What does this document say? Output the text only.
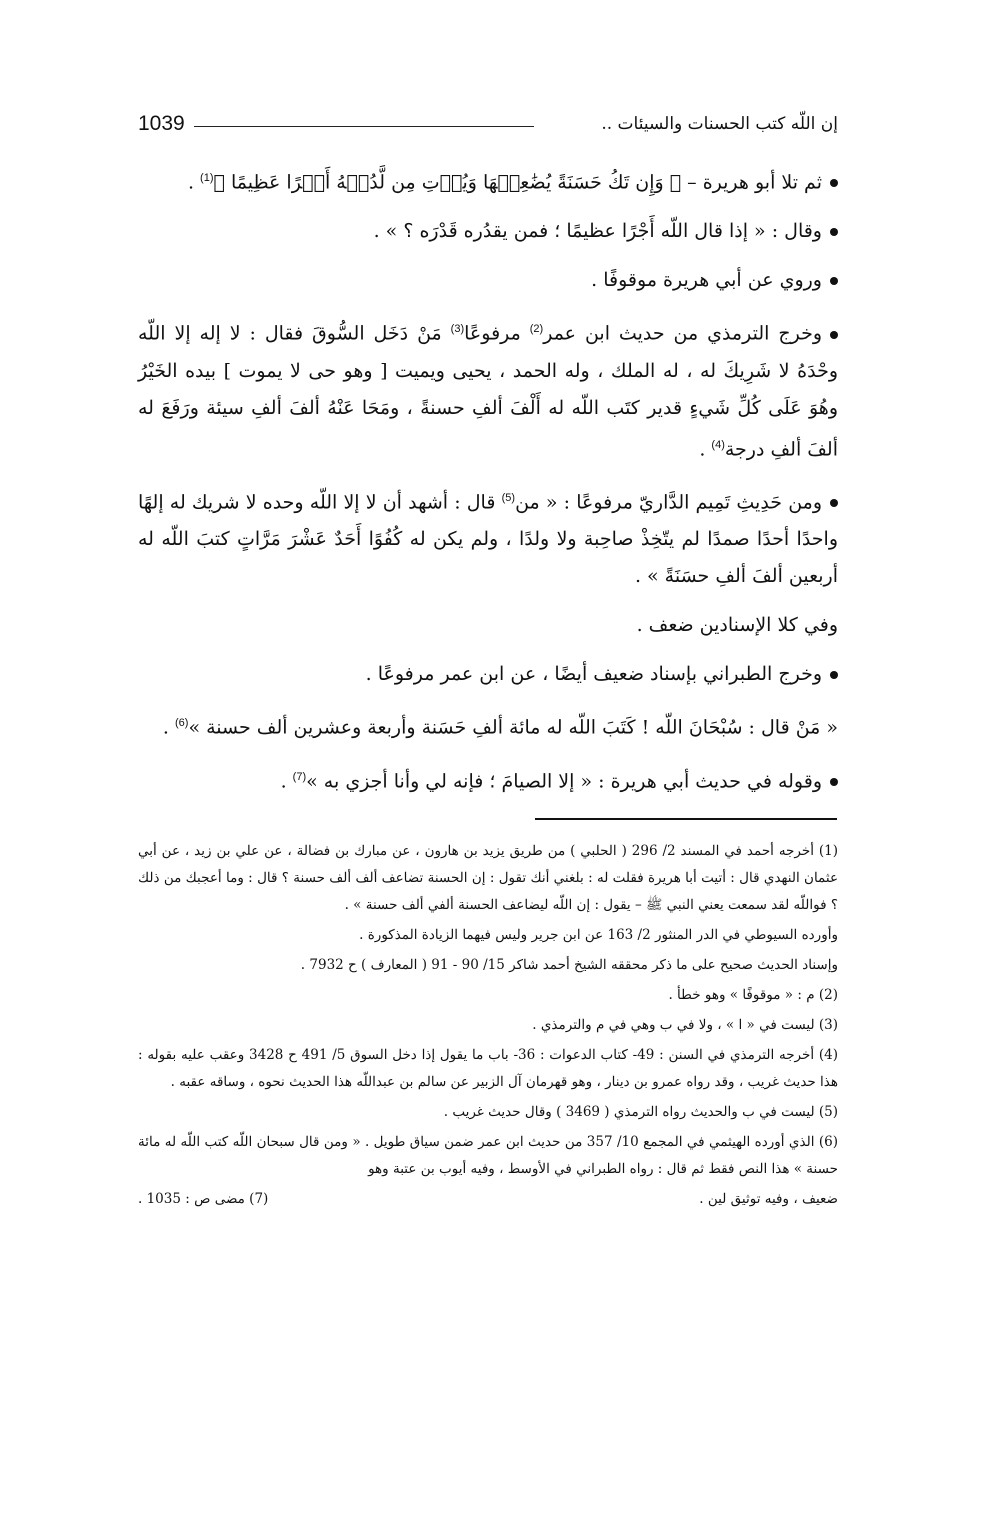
1039	إن اللّه كتب الحسنات والسيئات ..

ثم تلا أبو هريرة – ﴿ وَإِن تَكُ حَسَنَةً يُضَٰعِفۡهَا وَيُؤۡتِ مِن لَّدُنۡهُ أَجۡرًا عَظِيمًا ﴾$^{(1)}$ .

وقال : « إذا قال اللّه أَجْرًا عظيمًا ؛ فمن يقدُره قَدْرَه ؟ » .

وروي عن أبي هريرة موقوفًا .

وخرج الترمذي من حديث ابن عمر$^{(2)}$ مرفوعًا$^{(3)}$ مَنْ دَخَل السُّوقَ فقال : لا إله إلا اللّه وحْدَهُ لا شَرِيكَ له ، له الملك ، وله الحمد ، يحيى ويميت [ وهو حى لا يموت ] بيده الخَيْرُ وهُوَ عَلَى كُلِّ شَيءٍ قدير كتَب اللّه له أَلْفَ ألفِ حسنةً ، ومَحَا عَنْهُ ألفَ ألفِ سيئة ورَفَعَ له ألفَ ألفِ درجة$^{(4)}$ .

ومن حَدِيثِ تَمِيم الدَّاريّ مرفوعًا : « من$^{(5)}$ قال : أشهد أن لا إلا اللّه وحده لا شريك له إلهًا واحدًا أحدًا صمدًا لم يتّخِذْ صاحِبة ولا ولدًا ، ولم يكن له كُفُوًا أَحَدٌ عَشْرَ مَرَّاتٍ كتبَ اللّه له أربعين ألفَ ألفِ حسَنَةً » .

وفي كلا الإسنادين ضعف .

وخرج الطبراني بإسناد ضعيف أيضًا ، عن ابن عمر مرفوعًا .

« مَنْ قال : سُبْحَانَ اللّه ! كَتَبَ اللّه له مائة ألفِ حَسَنة وأربعة وعشرين ألف حسنة »$^{(6)}$ .

وقوله في حديث أبي هريرة : « إلا الصيامَ ؛ فإنه لي وأنا أجزي به »$^{(7)}$ .

(1) أخرجه أحمد في المسند 2/ 296 ( الحلبي ) من طريق يزيد بن هارون ، عن مبارك بن فضالة ، عن علي بن زيد ، عن أبي عثمان النهدي قال : أتيت أبا هريرة فقلت له : بلغني أنك تقول : إن الحسنة تضاعف ألف ألف حسنة ؟ قال : وما أعجبك من ذلك ؟ فواللّه لقد سمعت يعني النبي ﷺ – يقول : إن اللّه ليضاعف الحسنة ألفي ألف حسنة » .

وأورده السيوطي في الدر المنثور 2/ 163 عن ابن جرير وليس فيهما الزيادة المذكورة .

وإسناد الحديث صحيح على ما ذكر محققه الشيخ أحمد شاكر 15/ 90 - 91 ( المعارف ) ح 7932 .

(2) م : « موقوفًا » وهو خطأ .

(3) ليست في « ا » ، ولا في ب وهي في م والترمذي .

(4) أخرجه الترمذي في السنن : 49- كتاب الدعوات : 36- باب ما يقول إذا دخل السوق 5/ 491 ح 3428 وعقب عليه بقوله : هذا حديث غريب ، وقد رواه عمرو بن دينار ، وهو قهرمان آل الزبير عن سالم بن عبداللّه هذا الحديث نحوه ، وساقه عقبه .

(5) ليست في ب والحديث رواه الترمذي ( 3469 ) وقال حديث غريب .

(6) الذي أورده الهيثمي في المجمع 10/ 357 من حديث ابن عمر ضمن سياق طويل . « ومن قال سبحان اللّه كتب اللّه له مائة حسنة » هذا النص فقط ثم قال : رواه الطبراني في الأوسط ، وفيه أيوب بن عتبة وهو

ضعيف ، وفيه توثيق لين .
(7) مضى ص : 1035 .
